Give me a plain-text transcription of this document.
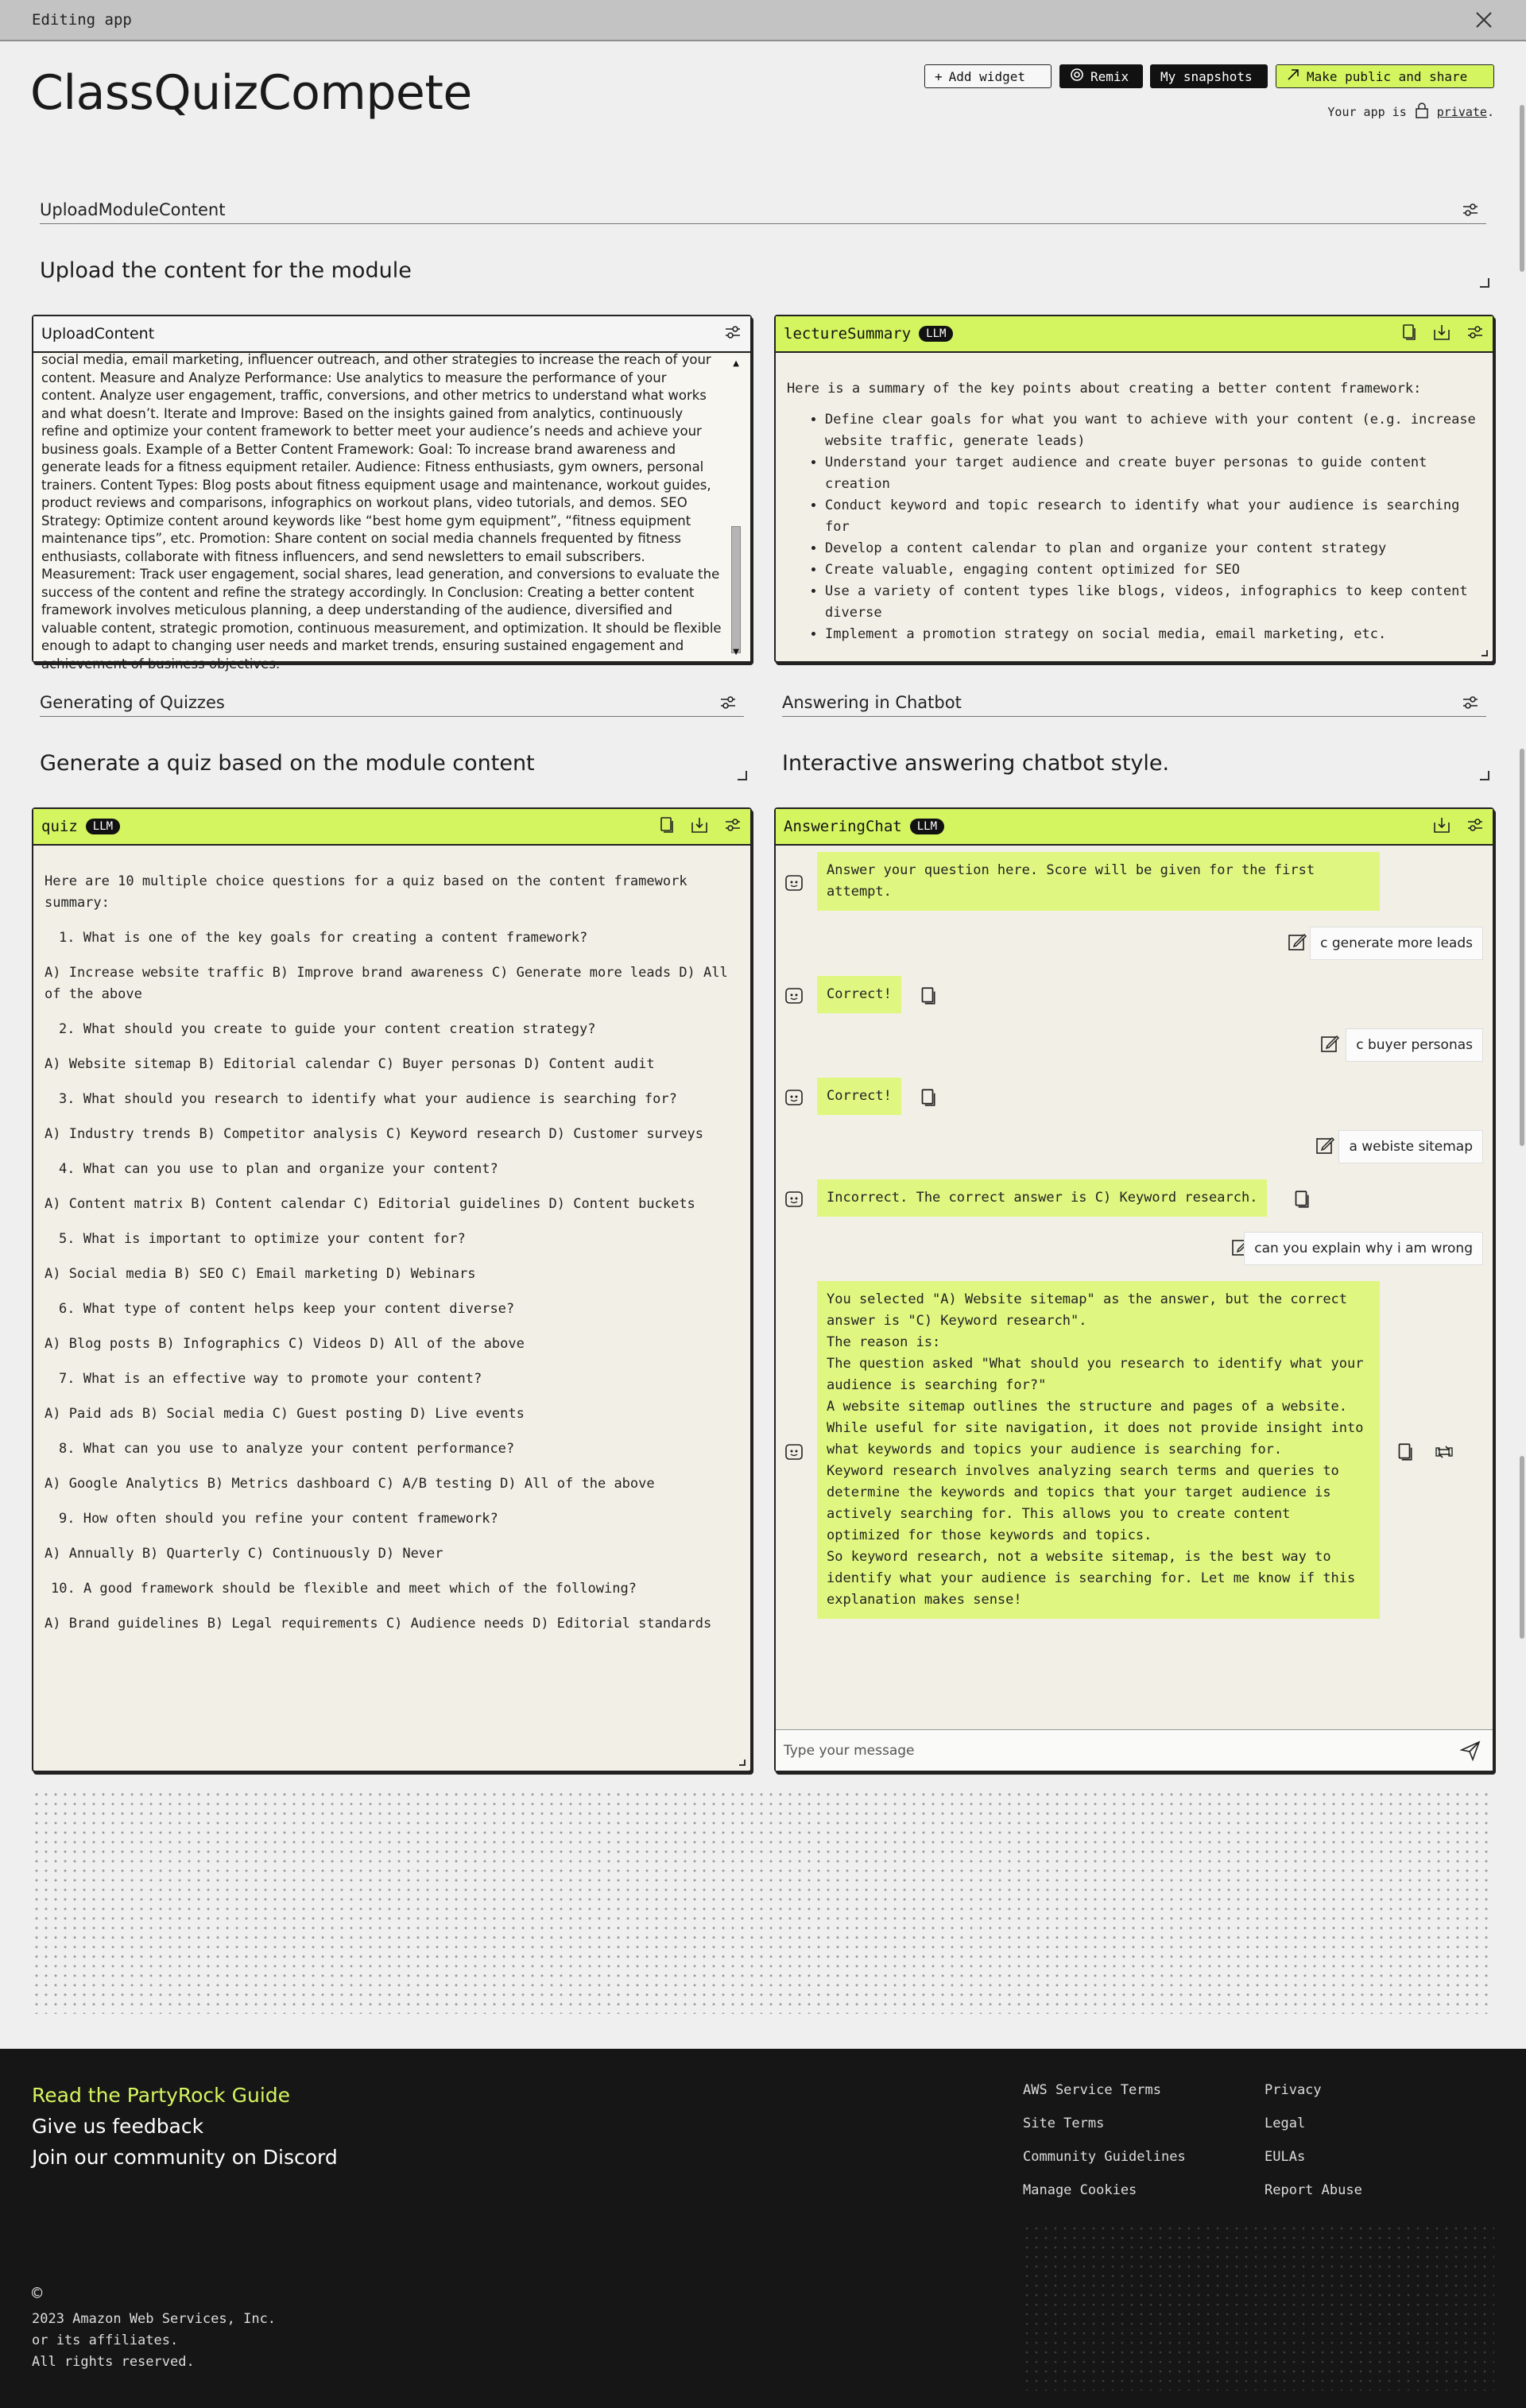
Editing app
ClassQuizCompete	+ Add widget	Remix My snapshots	Make public and share
Your app is	private.
UploadModuleContent
Upload the content for the module
UploadContent
social media, email marketing, influencer outreach, and other strategies to increase the reach of your content. Measure and Analyze Performance: Use analytics to measure the performance of your content. Analyze user engagement, traffic, conversions, and other metrics to understand what works and what doesn’t. Iterate and Improve: Based on the insights gained from analytics, continuously refine and optimize your content framework to better meet your audience’s needs and achieve your business goals. Example of a Better Content Framework: Goal: To increase brand awareness and generate leads for a fitness equipment retailer. Audience: Fitness enthusiasts, gym owners, personal trainers. Content Types: Blog posts about fitness equipment usage and maintenance, workout guides, product reviews and comparisons, infographics on workout plans, video tutorials, and demos. SEO Strategy: Optimize content around keywords like “best home gym equipment”, “fitness equipment maintenance tips”, etc. Promotion: Share content on social media channels frequented by fitness enthusiasts, collaborate with fitness influencers, and send newsletters to email subscribers. Measurement: Track user engagement, social shares, lead generation, and conversions to evaluate the success of the content and refine the strategy accordingly. In Conclusion: Creating a better content framework involves meticulous planning, a deep understanding of the audience, diversified and valuable content, strategic promotion, continuous measurement, and optimization. It should be flexible enough to adapt to changing user needs and market trends, ensuring sustained engagement and achievement of business objectives.
▲
▼
lectureSummary	LLM
Here is a summary of the key points about creating a better content framework:
• Define clear goals for what you want to achieve with your content (e.g. increase website traffic, generate leads)
• Understand your target audience and create buyer personas to guide content creation
• Conduct keyword and topic research to identify what your audience is searching for
• Develop a content calendar to plan and organize your content strategy
• Create valuable, engaging content optimized for SEO
• Use a variety of content types like blogs, videos, infographics to keep content diverse
• Implement a promotion strategy on social media, email marketing, etc.
Generating of Quizzes
Generate a quiz based on the module content
Answering in Chatbot
Interactive answering chatbot style.
quiz	LLM

Here are 10 multiple choice questions for a quiz based on the content framework summary:

1. What is one of the key goals for creating a content framework?

A) Increase website traffic B) Improve brand awareness C) Generate more leads D) All of the above

2. What should you create to guide your content creation strategy?

A) Website sitemap B) Editorial calendar C) Buyer personas D) Content audit

3. What should you research to identify what your audience is searching for?

A) Industry trends B) Competitor analysis C) Keyword research D) Customer surveys

4. What can you use to plan and organize your content?

A) Content matrix B) Content calendar C) Editorial guidelines D) Content buckets

5. What is important to optimize your content for?

A) Social media B) SEO C) Email marketing D) Webinars

6. What type of content helps keep your content diverse?

A) Blog posts B) Infographics C) Videos D) All of the above

7. What is an effective way to promote your content?

A) Paid ads B) Social media C) Guest posting D) Live events

8. What can you use to analyze your content performance?

A) Google Analytics B) Metrics dashboard C) A/B testing D) All of the above

9. How often should you refine your content framework?

A) Annually B) Quarterly C) Continuously D) Never

10. A good framework should be flexible and meet which of the following?

A) Brand guidelines B) Legal requirements C) Audience needs D) Editorial standards

AnsweringChat	LLM
Answer your question here. Score will be given for the first attempt.
c generate more leads
Correct!
c buyer personas
Correct!
a webiste sitemap
Incorrect. The correct answer is C) Keyword research.
can you explain why i am wrong
You selected "A) Website sitemap" as the answer, but the correct answer is "C) Keyword research".
The reason is:
The question asked "What should you research to identify what your audience is searching for?"
A website sitemap outlines the structure and pages of a website. While useful for site navigation, it does not provide insight into what keywords and topics your audience is searching for.
Keyword research involves analyzing search terms and queries to determine the keywords and topics that your target audience is actively searching for. This allows you to create content optimized for those keywords and topics.
So keyword research, not a website sitemap, is the best way to identify what your audience is searching for. Let me know if this explanation makes sense!
Type your message
Read the PartyRock Guide
Give us feedback
Join our community on Discord
AWS Service Terms
Site Terms
Community Guidelines
Manage Cookies
Privacy
Legal
EULAs
Report Abuse
©
2023 Amazon Web Services, Inc.
or its affiliates.
All rights reserved.
